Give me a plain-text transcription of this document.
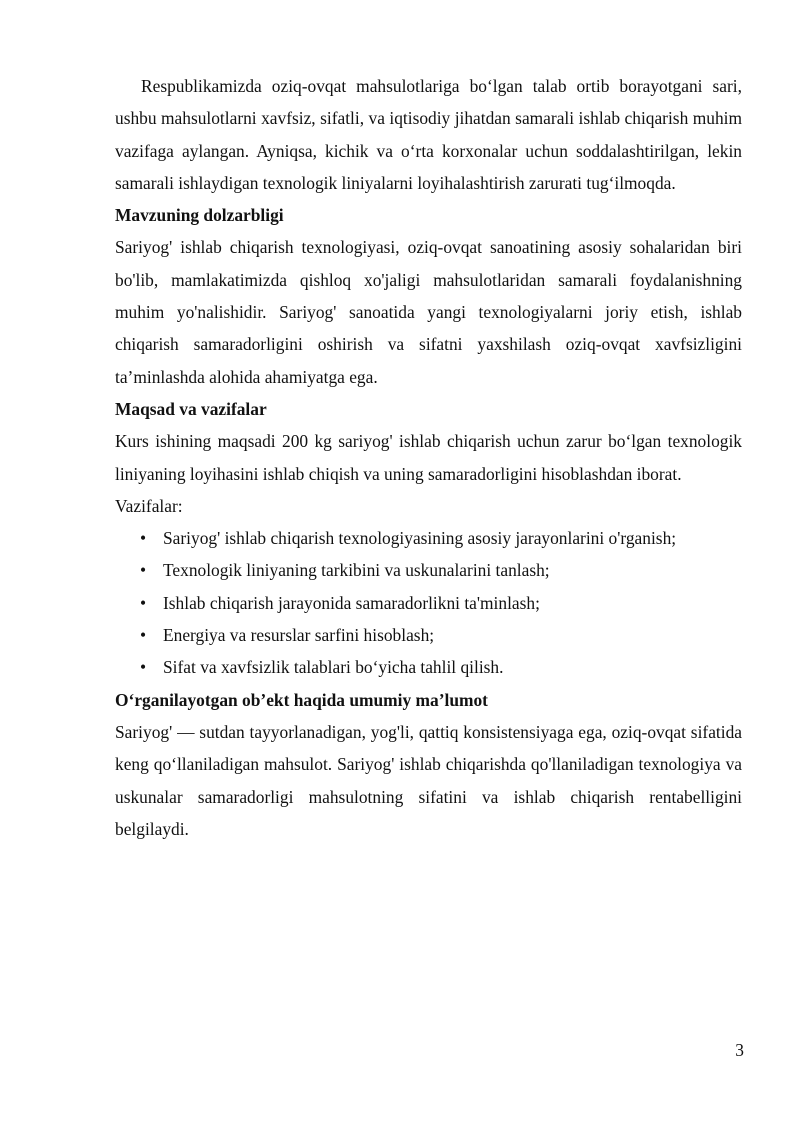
Respublikamizda oziq-ovqat mahsulotlariga bo‘lgan talab ortib borayotgani sari, ushbu mahsulotlarni xavfsiz, sifatli, va iqtisodiy jihatdan samarali ishlab chiqarish muhim vazifaga aylangan. Ayniqsa, kichik va o‘rta korxonalar uchun soddalashtirilgan, lekin samarali ishlaydigan texnologik liniyalarni loyihalashtirish zarurati tug‘ilmoqda.

Mavzuning dolzarbligi

Sariyog' ishlab chiqarish texnologiyasi, oziq-ovqat sanoatining asosiy sohalaridan biri bo'lib, mamlakatimizda qishloq xo'jaligi mahsulotlaridan samarali foydalanishning muhim yo'nalishidir. Sariyog' sanoatida yangi texnologiyalarni joriy etish, ishlab chiqarish samaradorligini oshirish va sifatni yaxshilash oziq-ovqat xavfsizligini ta’minlashda alohida ahamiyatga ega.

Maqsad va vazifalar

Kurs ishining maqsadi 200 kg sariyog' ishlab chiqarish uchun zarur bo‘lgan texnologik liniyaning loyihasini ishlab chiqish va uning samaradorligini hisoblashdan iborat.

Vazifalar:

• Sariyog' ishlab chiqarish texnologiyasining asosiy jarayonlarini o'rganish;
• Texnologik liniyaning tarkibini va uskunalarini tanlash;
• Ishlab chiqarish jarayonida samaradorlikni ta'minlash;
• Energiya va resurslar sarfini hisoblash;
• Sifat va xavfsizlik talablari bo‘yicha tahlil qilish.
O‘rganilayotgan ob’ekt haqida umumiy ma’lumot

Sariyog' — sutdan tayyorlanadigan, yog'li, qattiq konsistensiyaga ega, oziq-ovqat sifatida keng qo‘llaniladigan mahsulot. Sariyog' ishlab chiqarishda qo'llaniladigan texnologiya va uskunalar samaradorligi mahsulotning sifatini va ishlab chiqarish rentabelligini belgilaydi.

3
